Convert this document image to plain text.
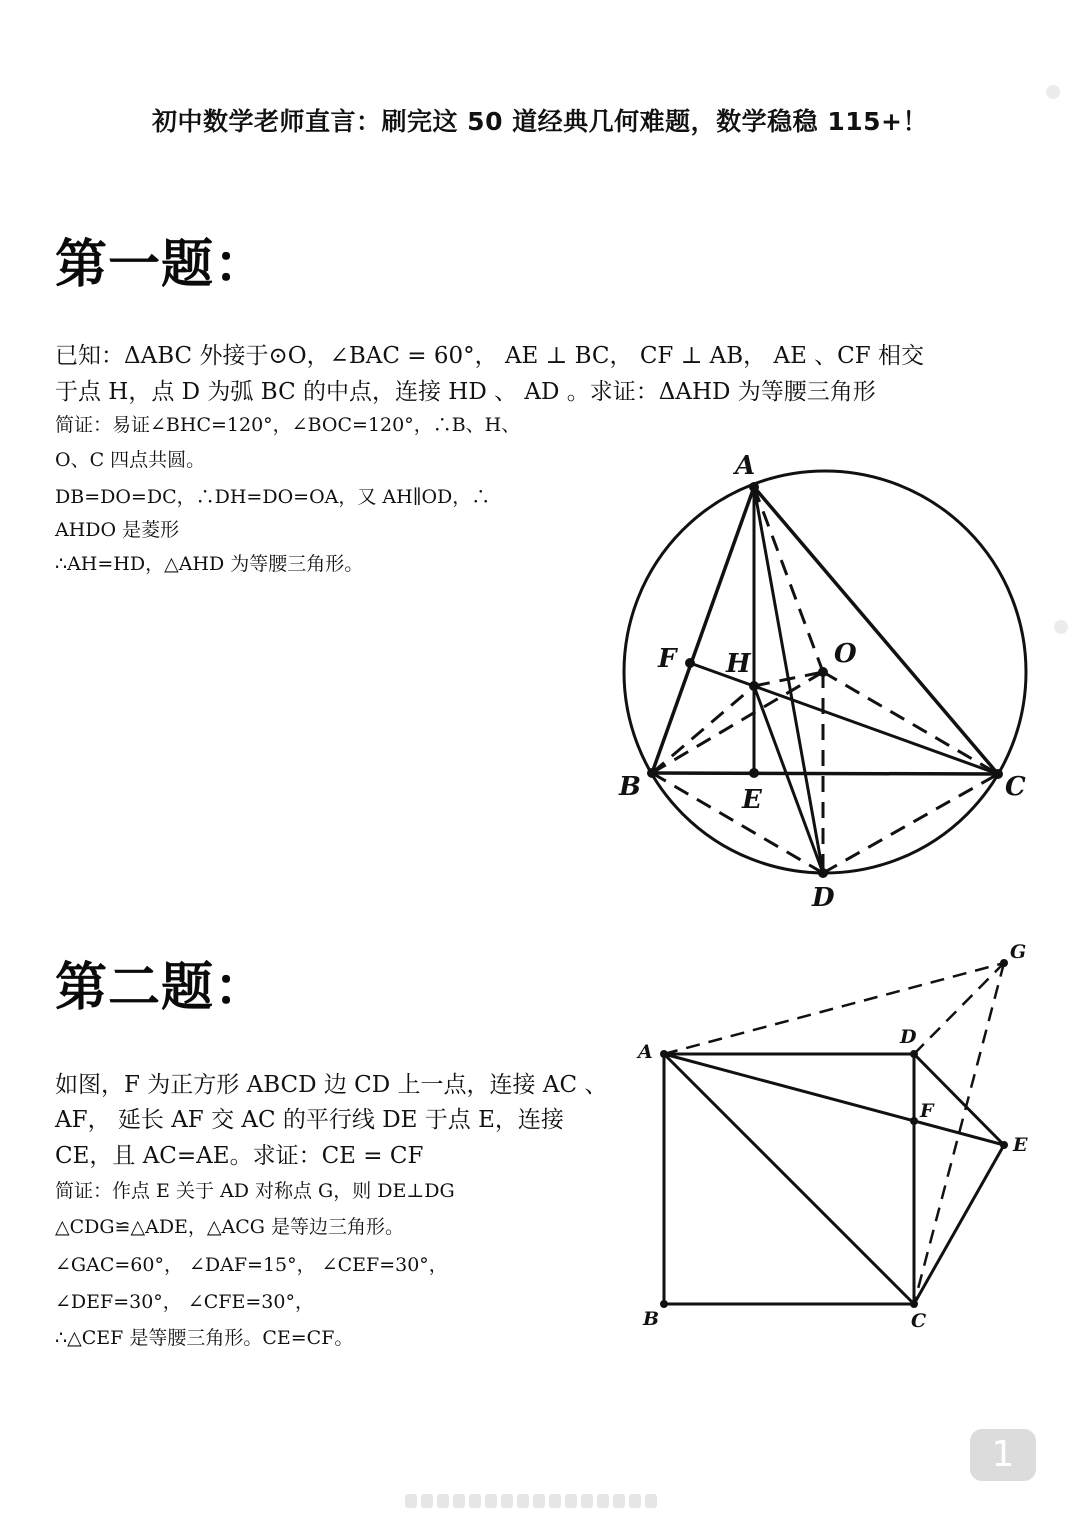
初中数学老师直言：刷完这 50 道经典几何难题，数学稳稳 115+！
第一题：
已知：ΔABC 外接于⊙O，∠BAC = 60°， AE ⊥ BC， CF ⊥ AB， AE 、CF 相交
于点 H，点 D 为弧 BC 的中点，连接 HD 、 AD 。求证：ΔAHD 为等腰三角形
简证：易证∠BHC=120°，∠BOC=120°，∴B、H、
O、C 四点共圆。
DB=DO=DC，∴DH=DO=OA，又 AH∥OD，∴
AHDO 是菱形
∴AH=HD，△AHD 为等腰三角形。
A
B	C
D
E
F H	O
第二题：
如图，F 为正方形 ABCD 边 CD 上一点，连接 AC 、
AF， 延长 AF 交 AC 的平行线 DE 于点 E，连接
CE，且 AC=AE。求证：CE = CF
简证：作点 E 关于 AD 对称点 G，则 DE⊥DG
△CDG≌△ADE，△ACG 是等边三角形。
∠GAC=60°， ∠DAF=15°， ∠CEF=30°，
∠DEF=30°， ∠CFE=30°，
∴△CEF 是等腰三角形。CE=CF。
A
D
B	C
E
F
G
1
